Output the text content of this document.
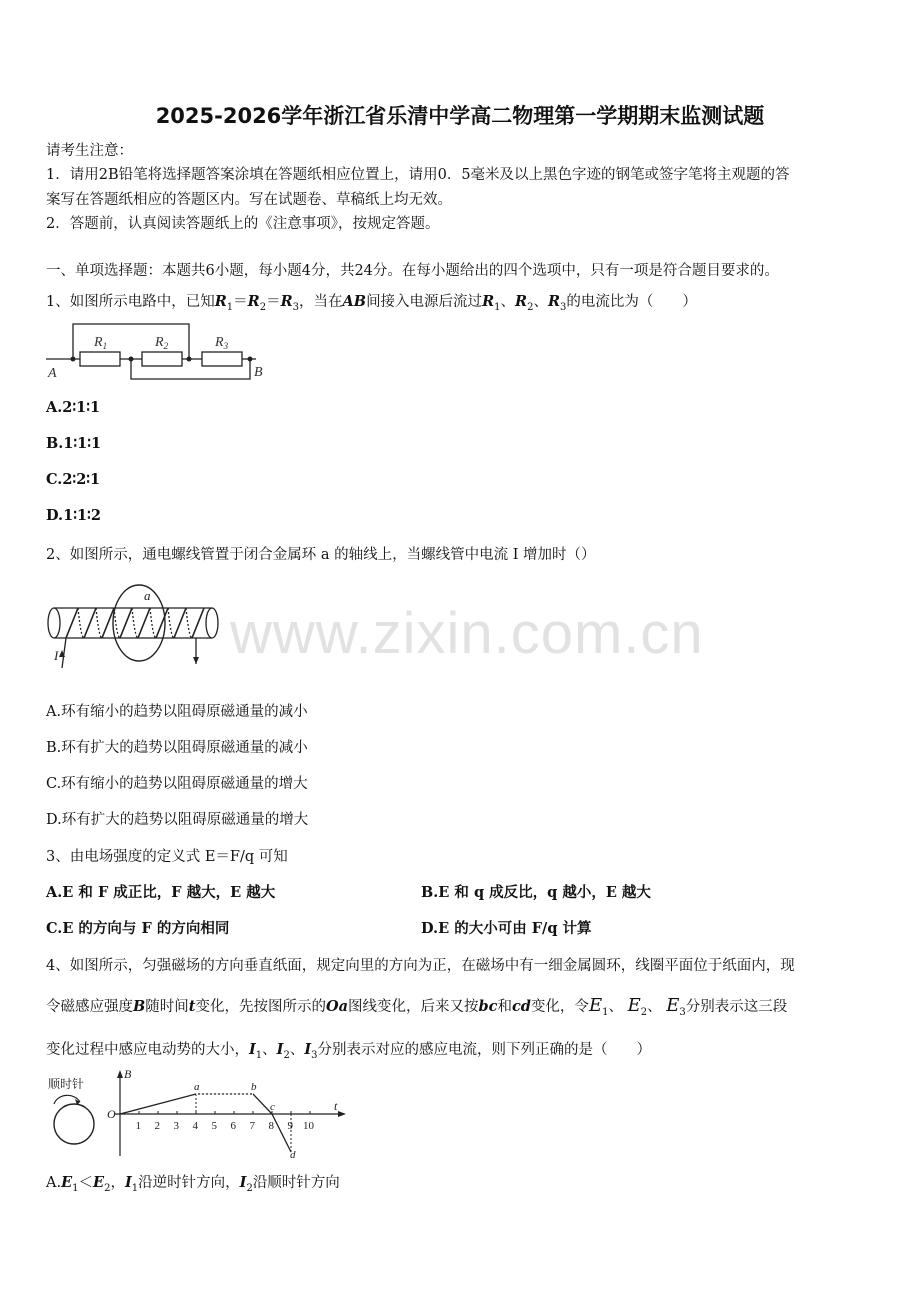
www.zixin.com.cn
2025-2026学年浙江省乐清中学高二物理第一学期期末监测试题
请考生注意：
1．请用2B铅笔将选择题答案涂填在答题纸相应位置上，请用0．5毫米及以上黑色字迹的钢笔或签字笔将主观题的答
案写在答题纸相应的答题区内。写在试题卷、草稿纸上均无效。
2．答题前，认真阅读答题纸上的《注意事项》，按规定答题。
一、单项选择题：本题共6小题，每小题4分，共24分。在每小题给出的四个选项中，只有一项是符合题目要求的。
1、如图所示电路中，已知$R_1=R_2=R_3$，当在AB间接入电源后流过$R_1$、$R_2$、$R_3$的电流比为（　　）
$R_1$	$R_2$	$R_3$
A	B
A.2∶1∶1
B.1∶1∶1
C.2∶2∶1
D.1∶1∶2
2、如图所示，通电螺线管置于闭合金属环 a 的轴线上，当螺线管中电流 I 增加时（）
a
I
A.环有缩小的趋势以阻碍原磁通量的减小
B.环有扩大的趋势以阻碍原磁通量的减小
C.环有缩小的趋势以阻碍原磁通量的增大
D.环有扩大的趋势以阻碍原磁通量的增大
3、由电场强度的定义式 E＝F/q 可知
A.E 和 F 成正比，F 越大，E 越大	B.E 和 q 成反比，q 越小，E 越大
C.E 的方向与 F 的方向相同	D.E 的大小可由 F/q 计算
4、如图所示，匀强磁场的方向垂直纸面，规定向里的方向为正，在磁场中有一细金属圆环，线圈平面位于纸面内，现
令磁感应强度B随时间t变化，先按图所示的Oa图线变化，后来又按bc和cd变化，令$E_1$、 $E_2$、 $E_3$分别表示这三段
变化过程中感应电动势的大小，$I_1$、$I_2$、$I_3$分别表示对应的感应电流，则下列正确的是（　　）
顺时针
1 2 3 4 5 6 7 8 9 10
a	b
c
d
B
t
O
$A.E_1<E_2$，$I_1$沿逆时针方向，$I_2$沿顺时针方向
